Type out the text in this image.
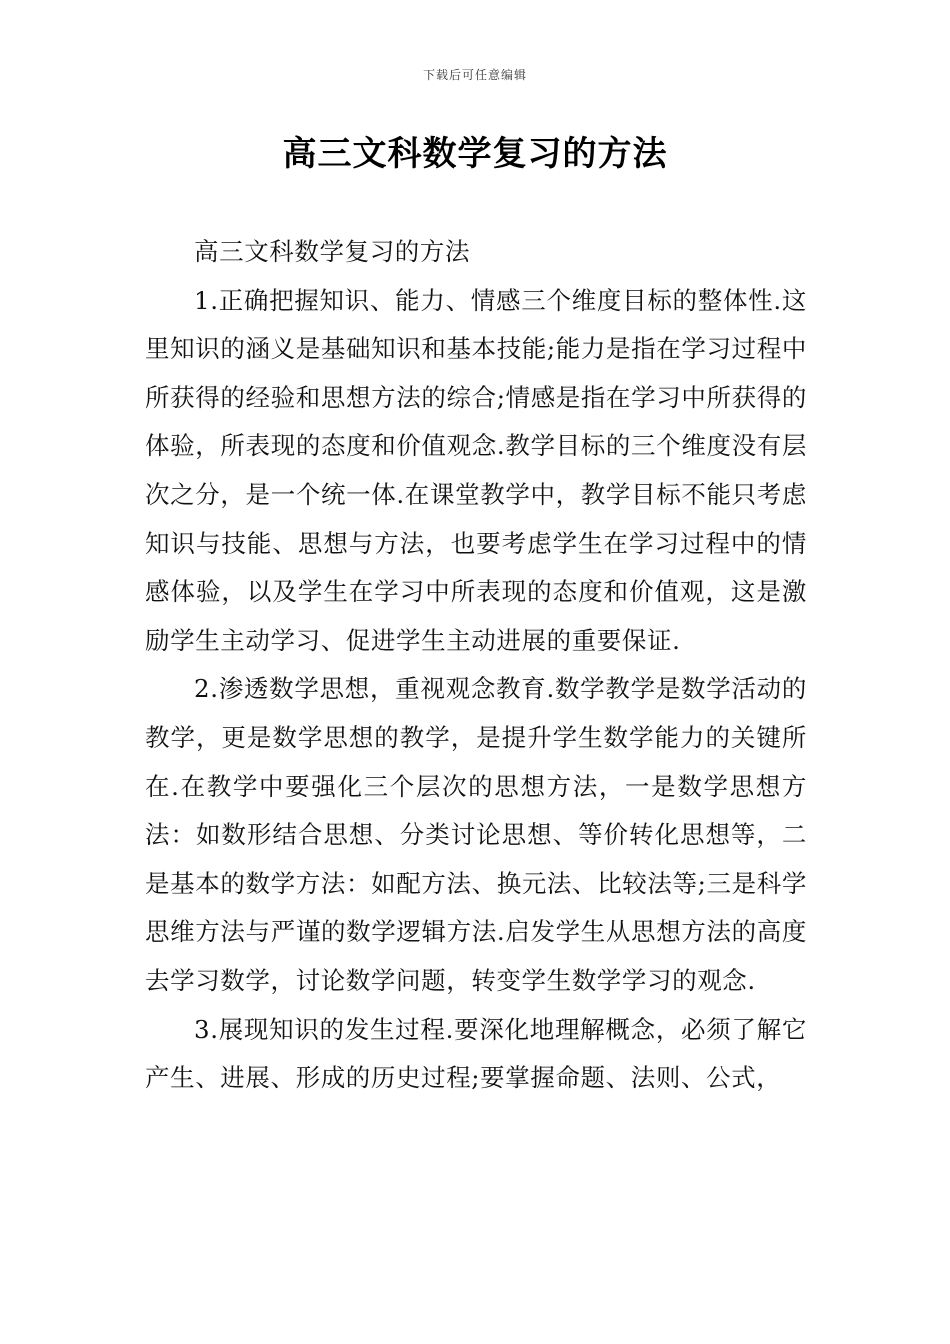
下载后可任意编辑
高三文科数学复习的方法

高三文科数学复习的方法

1.正确把握知识、能力、情感三个维度目标的整体性.这里知识的涵义是基础知识和基本技能;能力是指在学习过程中所获得的经验和思想方法的综合;情感是指在学习中所获得的体验，所表现的态度和价值观念.教学目标的三个维度没有层次之分，是一个统一体.在课堂教学中，教学目标不能只考虑知识与技能、思想与方法，也要考虑学生在学习过程中的情感体验，以及学生在学习中所表现的态度和价值观，这是激励学生主动学习、促进学生主动进展的重要保证.

2.渗透数学思想，重视观念教育.数学教学是数学活动的教学，更是数学思想的教学，是提升学生数学能力的关键所在.在教学中要强化三个层次的思想方法，一是数学思想方法：如数形结合思想、分类讨论思想、等价转化思想等，二是基本的数学方法：如配方法、换元法、比较法等;三是科学思维方法与严谨的数学逻辑方法.启发学生从思想方法的高度去学习数学，讨论数学问题，转变学生数学学习的观念.

3.展现知识的发生过程.要深化地理解概念，必须了解它产生、进展、形成的历史过程;要掌握命题、法则、公式，
